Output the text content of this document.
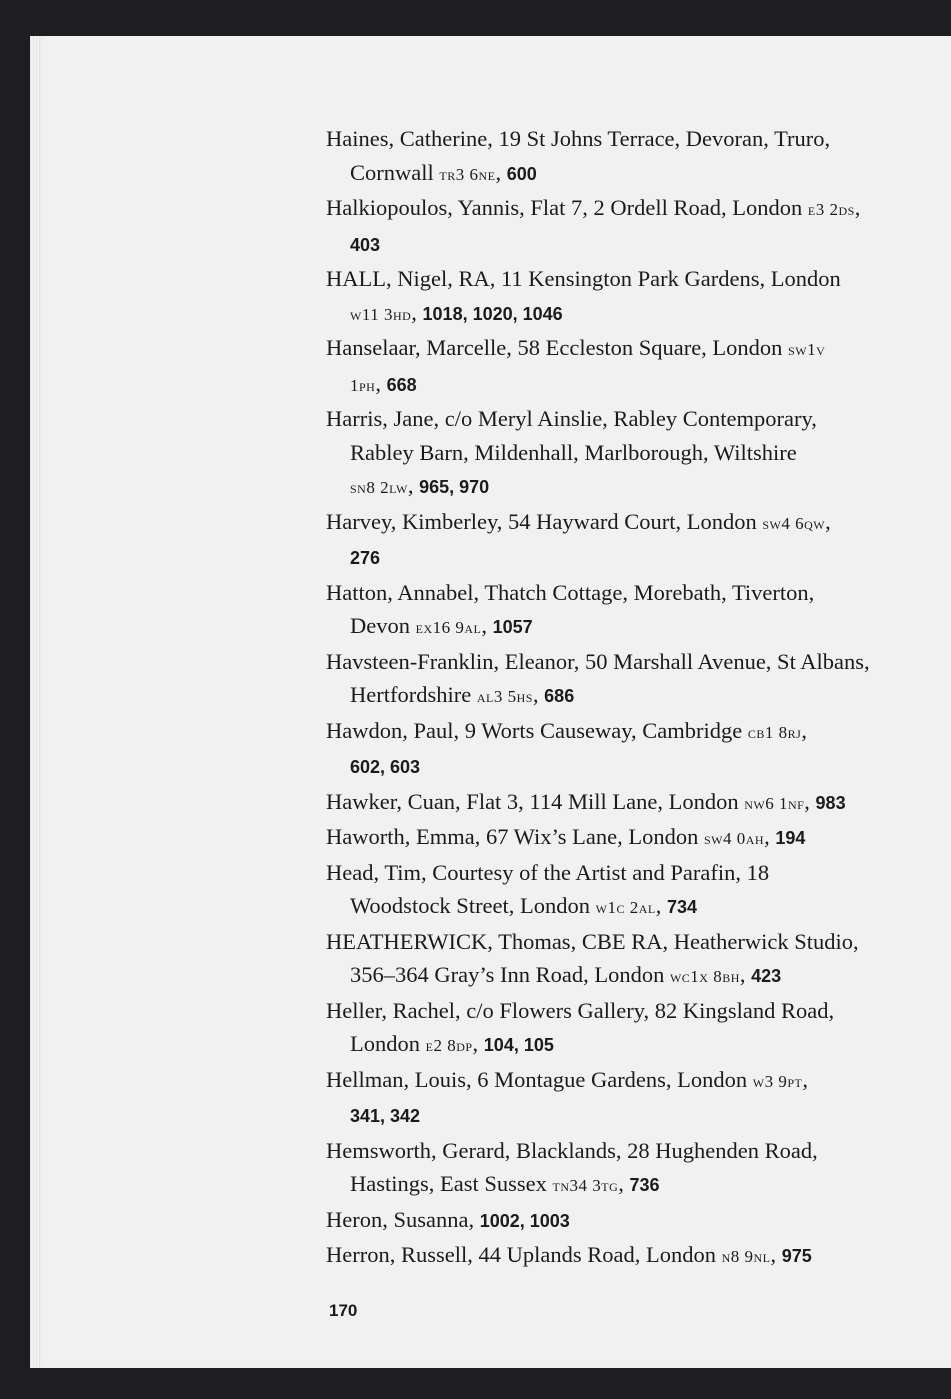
Haines, Catherine, 19 St Johns Terrace, Devoran, Truro,
Cornwall tr3 6ne, 600
Halkiopoulos, Yannis, Flat 7, 2 Ordell Road, London e3 2ds,
403
HALL, Nigel, RA, 11 Kensington Park Gardens, London
w11 3hd, 1018, 1020, 1046
Hanselaar, Marcelle, 58 Eccleston Square, London sw1v
1ph, 668
Harris, Jane, c/o Meryl Ainslie, Rabley Contemporary,
Rabley Barn, Mildenhall, Marlborough, Wiltshire
sn8 2lw, 965, 970
Harvey, Kimberley, 54 Hayward Court, London sw4 6qw,
276
Hatton, Annabel, Thatch Cottage, Morebath, Tiverton,
Devon ex16 9al, 1057
Havsteen-Franklin, Eleanor, 50 Marshall Avenue, St Albans,
Hertfordshire al3 5hs, 686
Hawdon, Paul, 9 Worts Causeway, Cambridge cb1 8rj,
602, 603
Hawker, Cuan, Flat 3, 114 Mill Lane, London nw6 1nf, 983
Haworth, Emma, 67 Wix’s Lane, London sw4 0ah, 194
Head, Tim, Courtesy of the Artist and Parafin, 18
Woodstock Street, London w1c 2al, 734
HEATHERWICK, Thomas, CBE RA, Heatherwick Studio,
356–364 Gray’s Inn Road, London wc1x 8bh, 423
Heller, Rachel, c/o Flowers Gallery, 82 Kingsland Road,
London e2 8dp, 104, 105
Hellman, Louis, 6 Montague Gardens, London w3 9pt,
341, 342
Hemsworth, Gerard, Blacklands, 28 Hughenden Road,
Hastings, East Sussex tn34 3tg, 736
Heron, Susanna, 1002, 1003
Herron, Russell, 44 Uplands Road, London n8 9nl, 975
170
